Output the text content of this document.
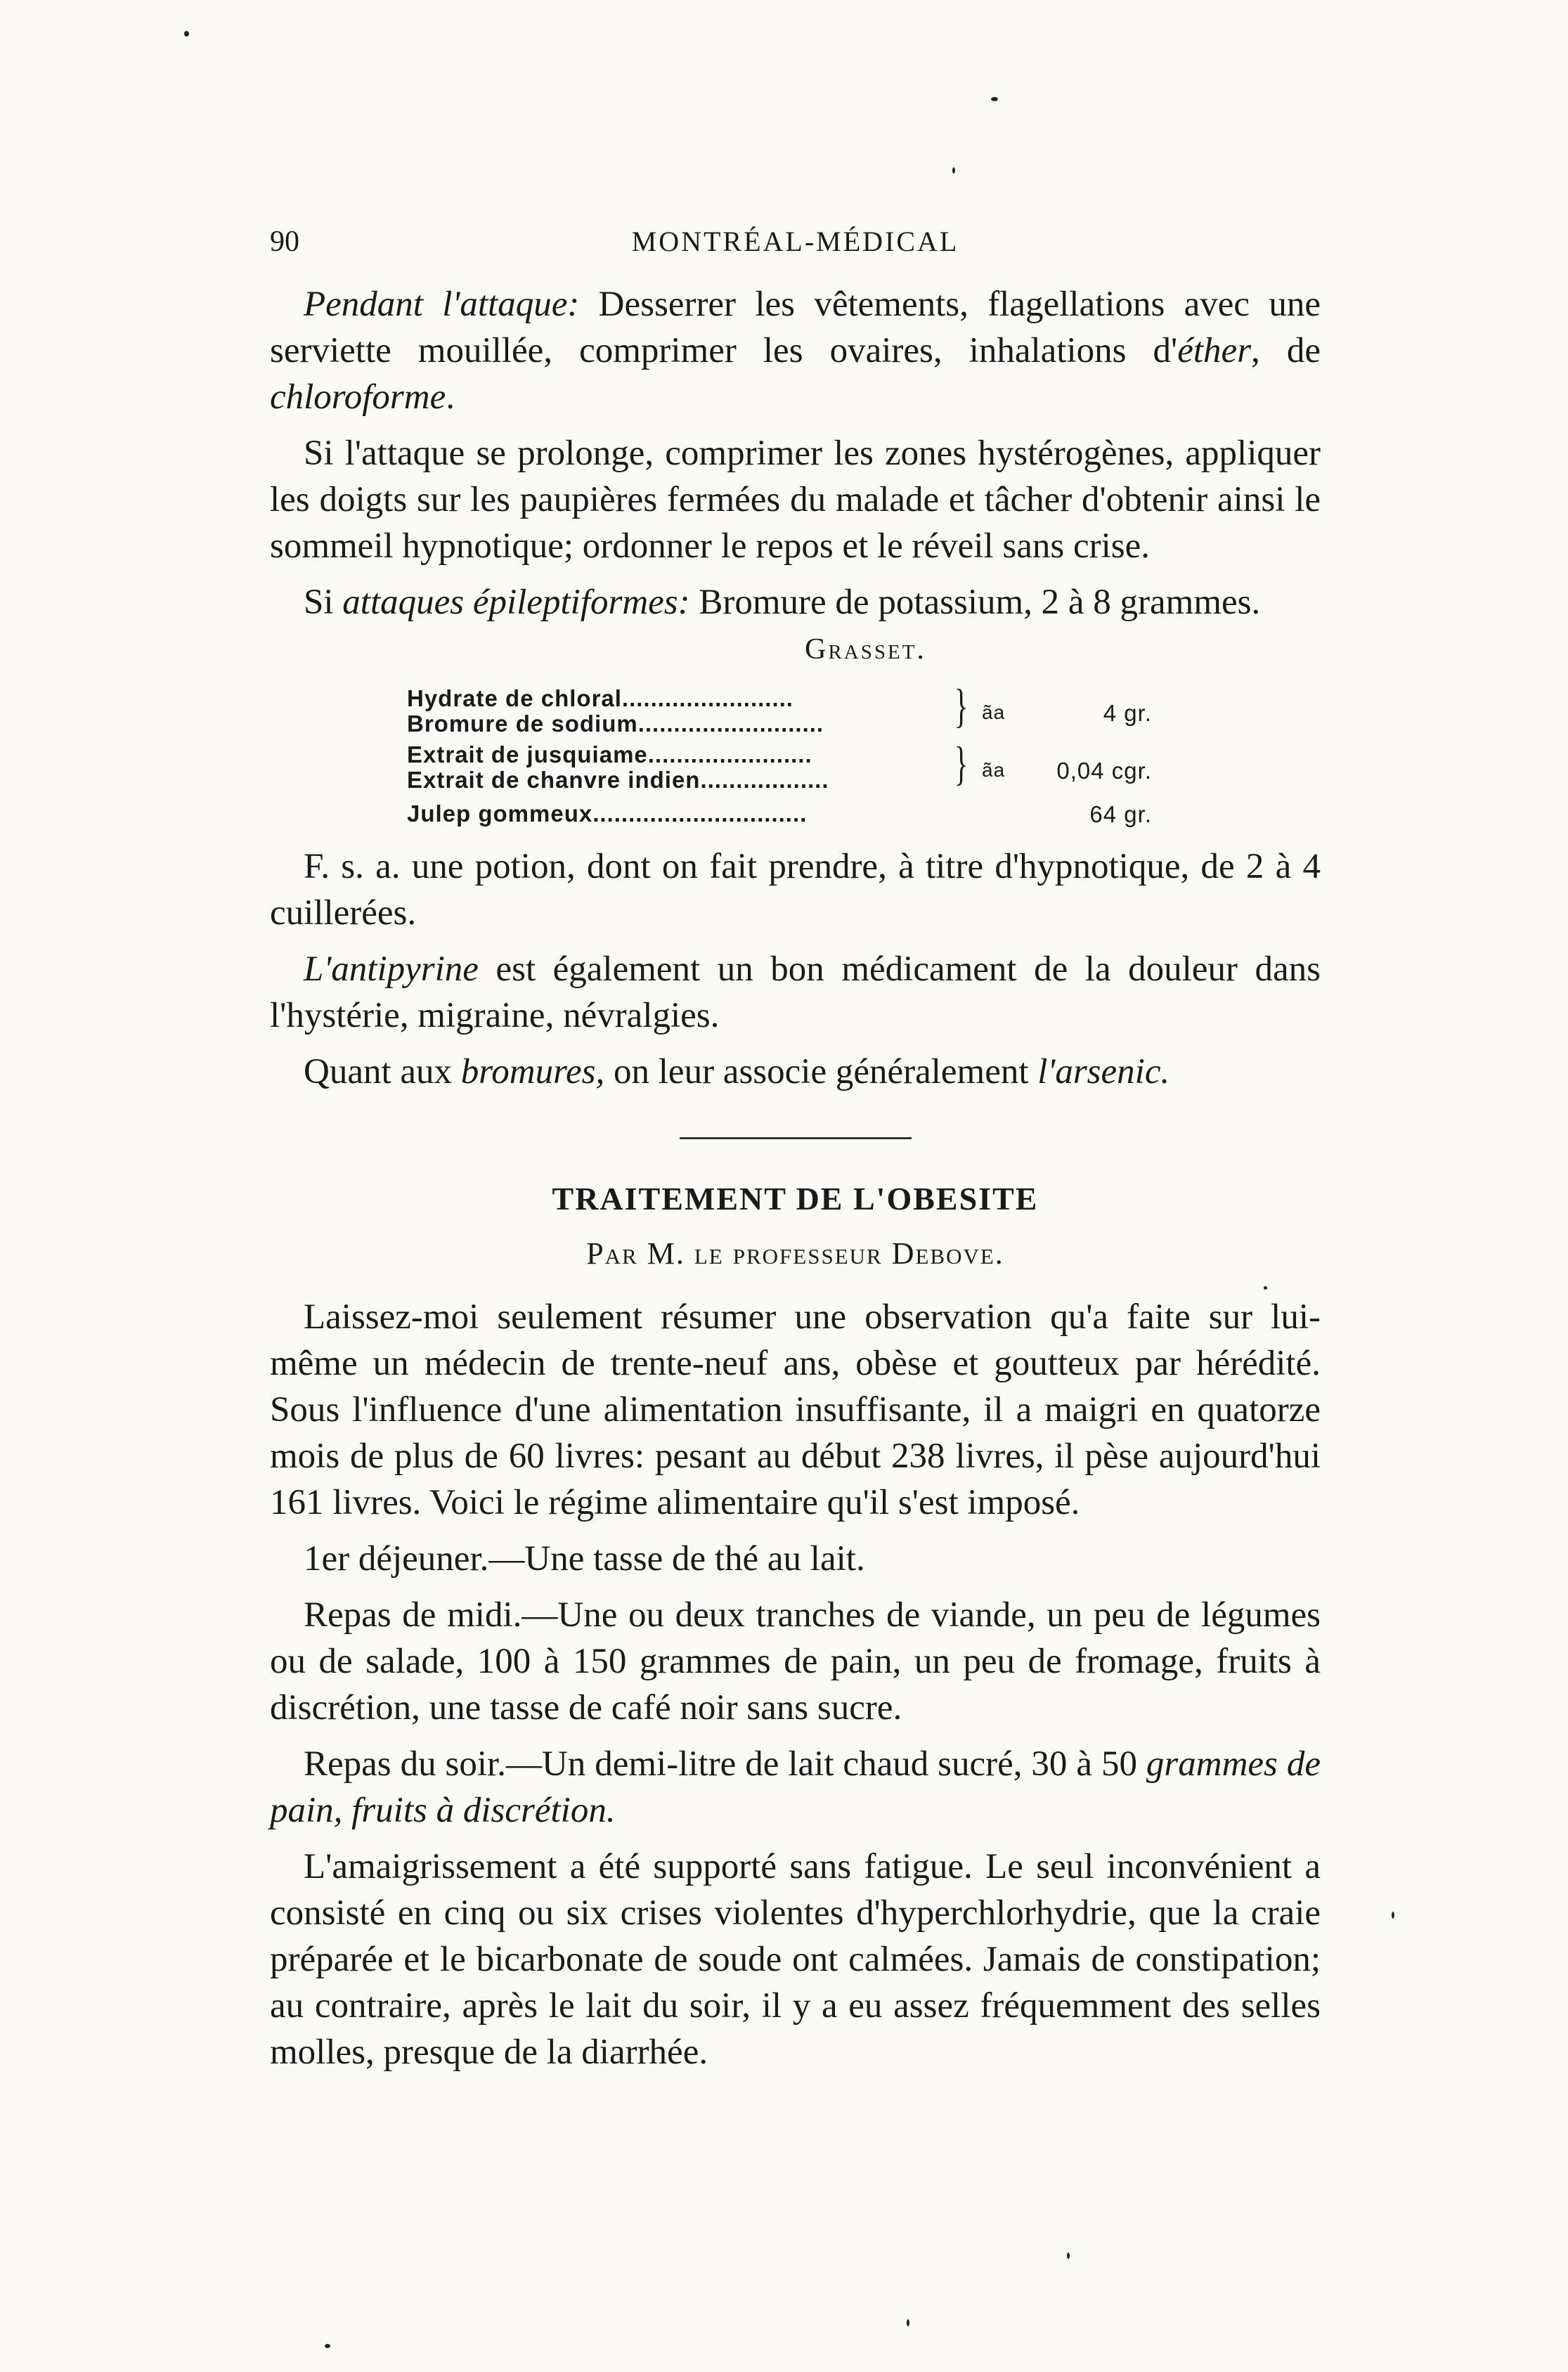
90	MONTRÉAL-MÉDICAL

Pendant l'attaque: Desserrer les vêtements, flagellations avec une serviette mouillée, comprimer les ovaires, inhalations d'éther, de chloroforme.

Si l'attaque se prolonge, comprimer les zones hystérogènes, appliquer les doigts sur les paupières fermées du malade et tâcher d'obtenir ainsi le sommeil hypnotique; ordonner le repos et le réveil sans crise.

Si attaques épileptiformes: Bromure de potassium, 2 à 8 grammes.

Grasset.
Hydrate de chloral........................
Bromure de sodium..........................
Extrait de jusquiame.......................
Extrait de chanvre indien..................
Julep gommeux..............................
}
}
ãa
ãa
4 gr.
0,04 cgr.
64 gr.

F. s. a. une potion, dont on fait prendre, à titre d'hypnotique, de 2 à 4 cuillerées.

L'antipyrine est également un bon médicament de la douleur dans l'hystérie, migraine, névralgies.

Quant aux bromures, on leur associe généralement l'arsenic.

TRAITEMENT DE L'OBESITE
Par M. le professeur Debove.

Laissez-moi seulement résumer une observation qu'a faite sur lui-même un médecin de trente-neuf ans, obèse et goutteux par hérédité. Sous l'influence d'une alimentation insuffisante, il a maigri en quatorze mois de plus de 60 livres: pesant au début 238 livres, il pèse aujourd'hui 161 livres. Voici le régime alimentaire qu'il s'est imposé.

1er déjeuner.—Une tasse de thé au lait.

Repas de midi.—Une ou deux tranches de viande, un peu de légumes ou de salade, 100 à 150 grammes de pain, un peu de fromage, fruits à discrétion, une tasse de café noir sans sucre.

Repas du soir.—Un demi-litre de lait chaud sucré, 30 à 50 grammes de pain, fruits à discrétion.

L'amaigrissement a été supporté sans fatigue. Le seul inconvénient a consisté en cinq ou six crises violentes d'hyperchlorhydrie, que la craie préparée et le bicarbonate de soude ont calmées. Jamais de constipation; au contraire, après le lait du soir, il y a eu assez fréquemment des selles molles, presque de la diarrhée.
